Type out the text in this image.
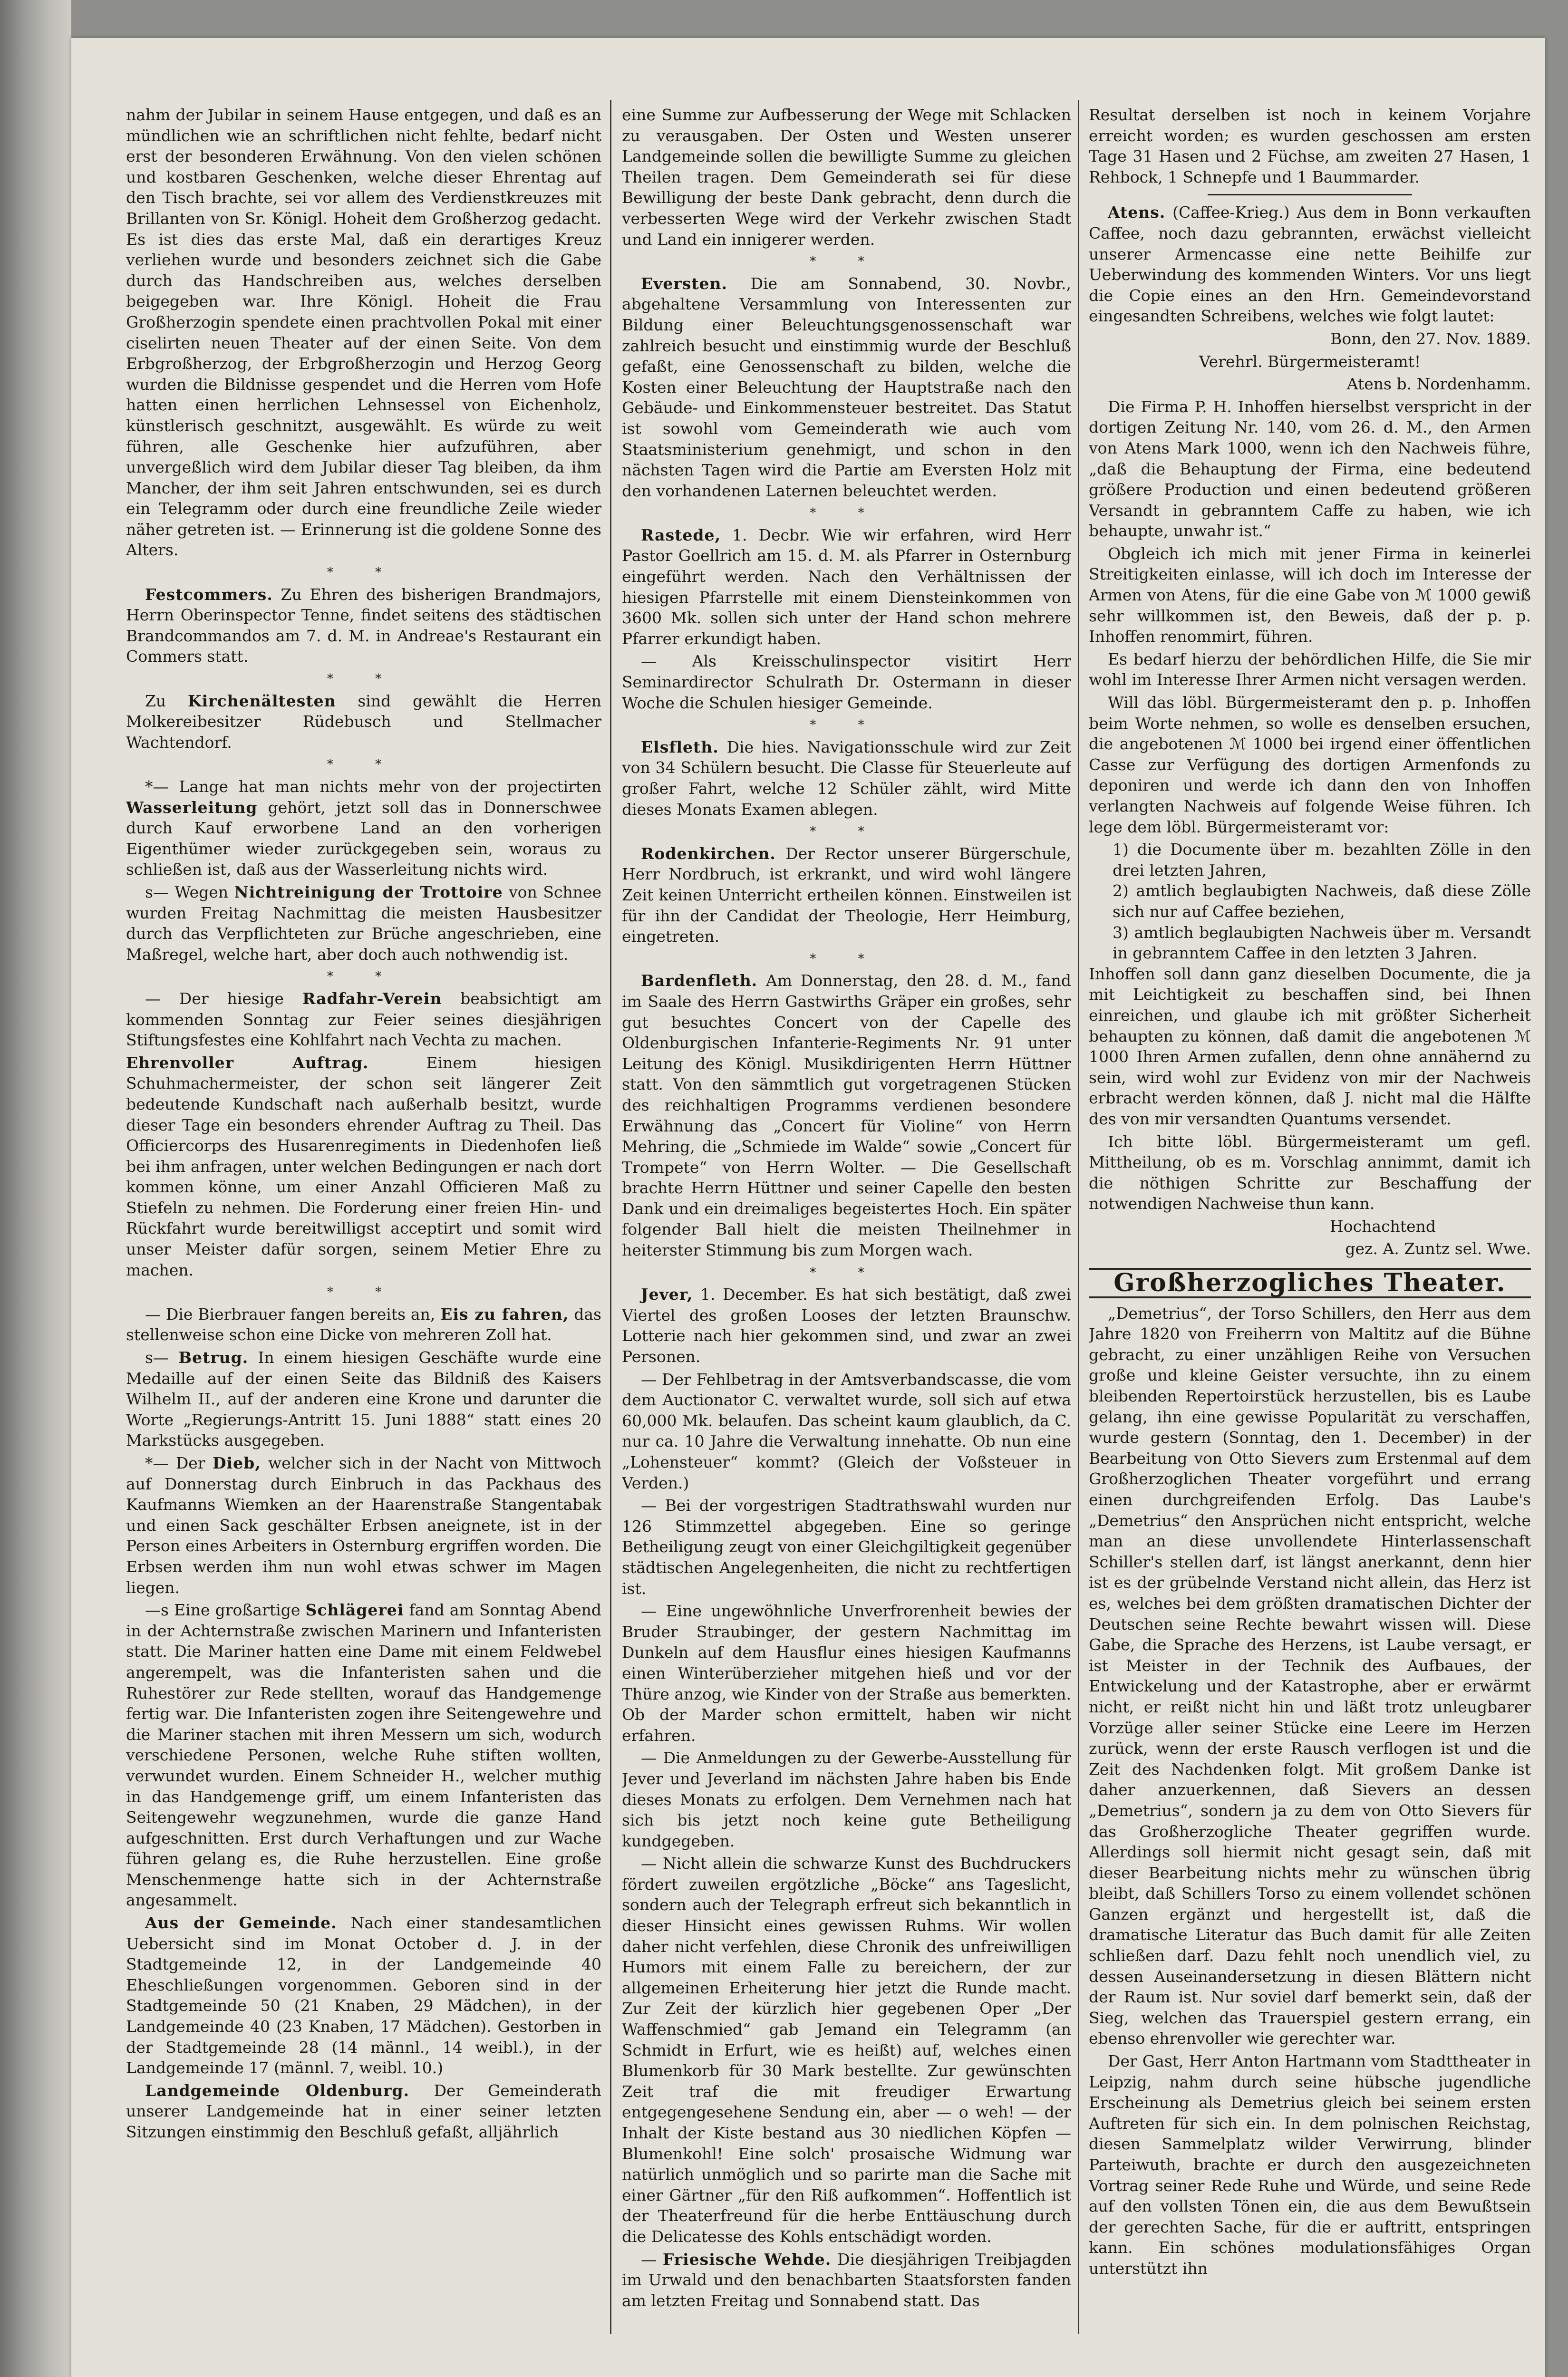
nahm der Jubilar in seinem Hause entgegen, und daß es an mündlichen wie an schriftlichen nicht fehlte, bedarf nicht erst der besonderen Erwähnung. Von den vielen schönen und kostbaren Geschenken, welche dieser Ehrentag auf den Tisch brachte, sei vor allem des Verdienstkreuzes mit Brillanten von Sr. Königl. Hoheit dem Großherzog gedacht. Es ist dies das erste Mal, daß ein derartiges Kreuz verliehen wurde und besonders zeichnet sich die Gabe durch das Handschreiben aus, welches derselben beigegeben war. Ihre Königl. Hoheit die Frau Großherzogin spendete einen prachtvollen Pokal mit einer ciselirten neuen Theater auf der einen Seite. Von dem Erbgroßherzog, der Erbgroßherzogin und Herzog Georg wurden die Bildnisse gespendet und die Herren vom Hofe hatten einen herrlichen Lehnsessel von Eichenholz, künstlerisch geschnitzt, ausgewählt. Es würde zu weit führen, alle Geschenke hier aufzuführen, aber unvergeßlich wird dem Jubilar dieser Tag bleiben, da ihm Mancher, der ihm seit Jahren entschwunden, sei es durch ein Telegramm oder durch eine freundliche Zeile wieder näher getreten ist. — Erinnerung ist die goldene Sonne des Alters.

* *

Festcommers. Zu Ehren des bisherigen Brandmajors, Herrn Oberinspector Tenne, findet seitens des städtischen Brandcommandos am 7. d. M. in Andreae's Restaurant ein Commers statt.

* *

Zu Kirchenältesten sind gewählt die Herren Molkereibesitzer Rüdebusch und Stellmacher Wachtendorf.

* *

*— Lange hat man nichts mehr von der projectirten Wasserleitung gehört, jetzt soll das in Donnerschwee durch Kauf erworbene Land an den vorherigen Eigenthümer wieder zurückgegeben sein, woraus zu schließen ist, daß aus der Wasserleitung nichts wird.

s— Wegen Nichtreinigung der Trottoire von Schnee wurden Freitag Nachmittag die meisten Hausbesitzer durch das Verpflichteten zur Brüche angeschrieben, eine Maßregel, welche hart, aber doch auch nothwendig ist.

* *

— Der hiesige Radfahr-Verein beabsichtigt am kommenden Sonntag zur Feier seines diesjährigen Stiftungsfestes eine Kohlfahrt nach Vechta zu machen.

Ehrenvoller Auftrag. Einem hiesigen Schuhmachermeister, der schon seit längerer Zeit bedeutende Kundschaft nach außerhalb besitzt, wurde dieser Tage ein besonders ehrender Auftrag zu Theil. Das Officiercorps des Husarenregiments in Diedenhofen ließ bei ihm anfragen, unter welchen Bedingungen er nach dort kommen könne, um einer Anzahl Officieren Maß zu Stiefeln zu nehmen. Die Forderung einer freien Hin- und Rückfahrt wurde bereitwilligst acceptirt und somit wird unser Meister dafür sorgen, seinem Metier Ehre zu machen.

* *

— Die Bierbrauer fangen bereits an, Eis zu fahren, das stellenweise schon eine Dicke von mehreren Zoll hat.

s— Betrug. In einem hiesigen Geschäfte wurde eine Medaille auf der einen Seite das Bildniß des Kaisers Wilhelm II., auf der anderen eine Krone und darunter die Worte „Regierungs-Antritt 15. Juni 1888“ statt eines 20 Markstücks ausgegeben.

*— Der Dieb, welcher sich in der Nacht von Mittwoch auf Donnerstag durch Einbruch in das Packhaus des Kaufmanns Wiemken an der Haarenstraße Stangentabak und einen Sack geschälter Erbsen aneignete, ist in der Person eines Arbeiters in Osternburg ergriffen worden. Die Erbsen werden ihm nun wohl etwas schwer im Magen liegen.

—s Eine großartige Schlägerei fand am Sonntag Abend in der Achternstraße zwischen Marinern und Infanteristen statt. Die Mariner hatten eine Dame mit einem Feldwebel angerempelt, was die Infanteristen sahen und die Ruhestörer zur Rede stellten, worauf das Handgemenge fertig war. Die Infanteristen zogen ihre Seitengewehre und die Mariner stachen mit ihren Messern um sich, wodurch verschiedene Personen, welche Ruhe stiften wollten, verwundet wurden. Einem Schneider H., welcher muthig in das Handgemenge griff, um einem Infanteristen das Seitengewehr wegzunehmen, wurde die ganze Hand aufgeschnitten. Erst durch Verhaftungen und zur Wache führen gelang es, die Ruhe herzustellen. Eine große Menschenmenge hatte sich in der Achternstraße angesammelt.

Aus der Gemeinde. Nach einer standesamtlichen Uebersicht sind im Monat October d. J. in der Stadtgemeinde 12, in der Landgemeinde 40 Eheschließungen vorgenommen. Geboren sind in der Stadtgemeinde 50 (21 Knaben, 29 Mädchen), in der Landgemeinde 40 (23 Knaben, 17 Mädchen). Gestorben in der Stadtgemeinde 28 (14 männl., 14 weibl.), in der Landgemeinde 17 (männl. 7, weibl. 10.)

Landgemeinde Oldenburg. Der Gemeinderath unserer Landgemeinde hat in einer seiner letzten Sitzungen einstimmig den Beschluß gefaßt, alljährlich

eine Summe zur Aufbesserung der Wege mit Schlacken zu verausgaben. Der Osten und Westen unserer Landgemeinde sollen die bewilligte Summe zu gleichen Theilen tragen. Dem Gemeinderath sei für diese Bewilligung der beste Dank gebracht, denn durch die verbesserten Wege wird der Verkehr zwischen Stadt und Land ein innigerer werden.

* *

Eversten. Die am Sonnabend, 30. Novbr., abgehaltene Versammlung von Interessenten zur Bildung einer Beleuchtungsgenossenschaft war zahlreich besucht und einstimmig wurde der Beschluß gefaßt, eine Genossenschaft zu bilden, welche die Kosten einer Beleuchtung der Hauptstraße nach den Gebäude- und Einkommensteuer bestreitet. Das Statut ist sowohl vom Gemeinderath wie auch vom Staatsministerium genehmigt, und schon in den nächsten Tagen wird die Partie am Eversten Holz mit den vorhandenen Laternen beleuchtet werden.

* *

Rastede, 1. Decbr. Wie wir erfahren, wird Herr Pastor Goellrich am 15. d. M. als Pfarrer in Osternburg eingeführt werden. Nach den Verhältnissen der hiesigen Pfarrstelle mit einem Diensteinkommen von 3600 Mk. sollen sich unter der Hand schon mehrere Pfarrer erkundigt haben.

— Als Kreisschulinspector visitirt Herr Seminardirector Schulrath Dr. Ostermann in dieser Woche die Schulen hiesiger Gemeinde.

* *

Elsfleth. Die hies. Navigationsschule wird zur Zeit von 34 Schülern besucht. Die Classe für Steuerleute auf großer Fahrt, welche 12 Schüler zählt, wird Mitte dieses Monats Examen ablegen.

* *

Rodenkirchen. Der Rector unserer Bürgerschule, Herr Nordbruch, ist erkrankt, und wird wohl längere Zeit keinen Unterricht ertheilen können. Einstweilen ist für ihn der Candidat der Theologie, Herr Heimburg, eingetreten.

* *

Bardenfleth. Am Donnerstag, den 28. d. M., fand im Saale des Herrn Gastwirths Gräper ein großes, sehr gut besuchtes Concert von der Capelle des Oldenburgischen Infanterie-Regiments Nr. 91 unter Leitung des Königl. Musikdirigenten Herrn Hüttner statt. Von den sämmtlich gut vorgetragenen Stücken des reichhaltigen Programms verdienen besondere Erwähnung das „Concert für Violine“ von Herrn Mehring, die „Schmiede im Walde“ sowie „Concert für Trompete“ von Herrn Wolter. — Die Gesellschaft brachte Herrn Hüttner und seiner Capelle den besten Dank und ein dreimaliges begeistertes Hoch. Ein später folgender Ball hielt die meisten Theilnehmer in heiterster Stimmung bis zum Morgen wach.

* *

Jever, 1. December. Es hat sich bestätigt, daß zwei Viertel des großen Looses der letzten Braunschw. Lotterie nach hier gekommen sind, und zwar an zwei Personen.

— Der Fehlbetrag in der Amtsverbandscasse, die vom dem Auctionator C. verwaltet wurde, soll sich auf etwa 60,000 Mk. belaufen. Das scheint kaum glaublich, da C. nur ca. 10 Jahre die Verwaltung innehatte. Ob nun eine „Lohensteuer“ kommt? (Gleich der Voßsteuer in Verden.)

— Bei der vorgestrigen Stadtrathswahl wurden nur 126 Stimmzettel abgegeben. Eine so geringe Betheiligung zeugt von einer Gleichgiltigkeit gegenüber städtischen Angelegenheiten, die nicht zu rechtfertigen ist.

— Eine ungewöhnliche Unverfrorenheit bewies der Bruder Straubinger, der gestern Nachmittag im Dunkeln auf dem Hausflur eines hiesigen Kaufmanns einen Winterüberzieher mitgehen hieß und vor der Thüre anzog, wie Kinder von der Straße aus bemerkten. Ob der Marder schon ermittelt, haben wir nicht erfahren.

— Die Anmeldungen zu der Gewerbe-Ausstellung für Jever und Jeverland im nächsten Jahre haben bis Ende dieses Monats zu erfolgen. Dem Vernehmen nach hat sich bis jetzt noch keine gute Betheiligung kundgegeben.

— Nicht allein die schwarze Kunst des Buchdruckers fördert zuweilen ergötzliche „Böcke“ ans Tageslicht, sondern auch der Telegraph erfreut sich bekanntlich in dieser Hinsicht eines gewissen Ruhms. Wir wollen daher nicht verfehlen, diese Chronik des unfreiwilligen Humors mit einem Falle zu bereichern, der zur allgemeinen Erheiterung hier jetzt die Runde macht. Zur Zeit der kürzlich hier gegebenen Oper „Der Waffenschmied“ gab Jemand ein Telegramm (an Schmidt in Erfurt, wie es heißt) auf, welches einen Blumenkorb für 30 Mark bestellte. Zur gewünschten Zeit traf die mit freudiger Erwartung entgegengesehene Sendung ein, aber — o weh! — der Inhalt der Kiste bestand aus 30 niedlichen Köpfen — Blumenkohl! Eine solch' prosaische Widmung war natürlich unmöglich und so parirte man die Sache mit einer Gärtner „für den Riß aufkommen“. Hoffentlich ist der Theaterfreund für die herbe Enttäuschung durch die Delicatesse des Kohls entschädigt worden.

— Friesische Wehde. Die diesjährigen Treibjagden im Urwald und den benachbarten Staatsforsten fanden am letzten Freitag und Sonnabend statt. Das

Resultat derselben ist noch in keinem Vorjahre erreicht worden; es wurden geschossen am ersten Tage 31 Hasen und 2 Füchse, am zweiten 27 Hasen, 1 Rehbock, 1 Schnepfe und 1 Baummarder.

Atens. (Caffee-Krieg.) Aus dem in Bonn verkauften Caffee, noch dazu gebrannten, erwächst vielleicht unserer Armencasse eine nette Beihilfe zur Ueberwindung des kommenden Winters. Vor uns liegt die Copie eines an den Hrn. Gemeindevorstand eingesandten Schreibens, welches wie folgt lautet:

Bonn, den 27. Nov. 1889.

Verehrl. Bürgermeisteramt!

Atens b. Nordenhamm.

Die Firma P. H. Inhoffen hierselbst verspricht in der dortigen Zeitung Nr. 140, vom 26. d. M., den Armen von Atens Mark 1000, wenn ich den Nachweis führe, „daß die Behauptung der Firma, eine bedeutend größere Production und einen bedeutend größeren Versandt in gebranntem Caffe zu haben, wie ich behaupte, unwahr ist.“

Obgleich ich mich mit jener Firma in keinerlei Streitigkeiten einlasse, will ich doch im Interesse der Armen von Atens, für die eine Gabe von ℳ 1000 gewiß sehr willkommen ist, den Beweis, daß der p. p. Inhoffen renommirt, führen.

Es bedarf hierzu der behördlichen Hilfe, die Sie mir wohl im Interesse Ihrer Armen nicht versagen werden.

Will das löbl. Bürgermeisteramt den p. p. Inhoffen beim Worte nehmen, so wolle es denselben ersuchen, die angebotenen ℳ 1000 bei irgend einer öffentlichen Casse zur Verfügung des dortigen Armenfonds zu deponiren und werde ich dann den von Inhoffen verlangten Nachweis auf folgende Weise führen. Ich lege dem löbl. Bürgermeisteramt vor:

1) die Documente über m. bezahlten Zölle in den drei letzten Jahren,
2) amtlich beglaubigten Nachweis, daß diese Zölle sich nur auf Caffee beziehen,
3) amtlich beglaubigten Nachweis über m. Versandt in gebranntem Caffee in den letzten 3 Jahren.

Inhoffen soll dann ganz dieselben Documente, die ja mit Leichtigkeit zu beschaffen sind, bei Ihnen einreichen, und glaube ich mit größter Sicherheit behaupten zu können, daß damit die angebotenen ℳ 1000 Ihren Armen zufallen, denn ohne annähernd zu sein, wird wohl zur Evidenz von mir der Nachweis erbracht werden können, daß J. nicht mal die Hälfte des von mir versandten Quantums versendet.

Ich bitte löbl. Bürgermeisteramt um gefl. Mittheilung, ob es m. Vorschlag annimmt, damit ich die nöthigen Schritte zur Beschaffung der notwendigen Nachweise thun kann.

Hochachtend

gez. A. Zuntz sel. Wwe.

Großherzogliches Theater.

„Demetrius“, der Torso Schillers, den Herr aus dem Jahre 1820 von Freiherrn von Maltitz auf die Bühne gebracht, zu einer unzähligen Reihe von Versuchen große und kleine Geister versuchte, ihn zu einem bleibenden Repertoirstück herzustellen, bis es Laube gelang, ihn eine gewisse Popularität zu verschaffen, wurde gestern (Sonntag, den 1. December) in der Bearbeitung von Otto Sievers zum Erstenmal auf dem Großherzoglichen Theater vorgeführt und errang einen durchgreifenden Erfolg. Das Laube's „Demetrius“ den Ansprüchen nicht entspricht, welche man an diese unvollendete Hinterlassenschaft Schiller's stellen darf, ist längst anerkannt, denn hier ist es der grübelnde Verstand nicht allein, das Herz ist es, welches bei dem größten dramatischen Dichter der Deutschen seine Rechte bewahrt wissen will. Diese Gabe, die Sprache des Herzens, ist Laube versagt, er ist Meister in der Technik des Aufbaues, der Entwickelung und der Katastrophe, aber er erwärmt nicht, er reißt nicht hin und läßt trotz unleugbarer Vorzüge aller seiner Stücke eine Leere im Herzen zurück, wenn der erste Rausch verflogen ist und die Zeit des Nachdenken folgt. Mit großem Danke ist daher anzuerkennen, daß Sievers an dessen „Demetrius“, sondern ja zu dem von Otto Sievers für das Großherzogliche Theater gegriffen wurde. Allerdings soll hiermit nicht gesagt sein, daß mit dieser Bearbeitung nichts mehr zu wünschen übrig bleibt, daß Schillers Torso zu einem vollendet schönen Ganzen ergänzt und hergestellt ist, daß die dramatische Literatur das Buch damit für alle Zeiten schließen darf. Dazu fehlt noch unendlich viel, zu dessen Auseinandersetzung in diesen Blättern nicht der Raum ist. Nur soviel darf bemerkt sein, daß der Sieg, welchen das Trauerspiel gestern errang, ein ebenso ehrenvoller wie gerechter war.

Der Gast, Herr Anton Hartmann vom Stadttheater in Leipzig, nahm durch seine hübsche jugendliche Erscheinung als Demetrius gleich bei seinem ersten Auftreten für sich ein. In dem polnischen Reichstag, diesen Sammelplatz wilder Verwirrung, blinder Parteiwuth, brachte er durch den ausgezeichneten Vortrag seiner Rede Ruhe und Würde, und seine Rede auf den vollsten Tönen ein, die aus dem Bewußtsein der gerechten Sache, für die er auftritt, entspringen kann. Ein schönes modulationsfähiges Organ unterstützt ihn
